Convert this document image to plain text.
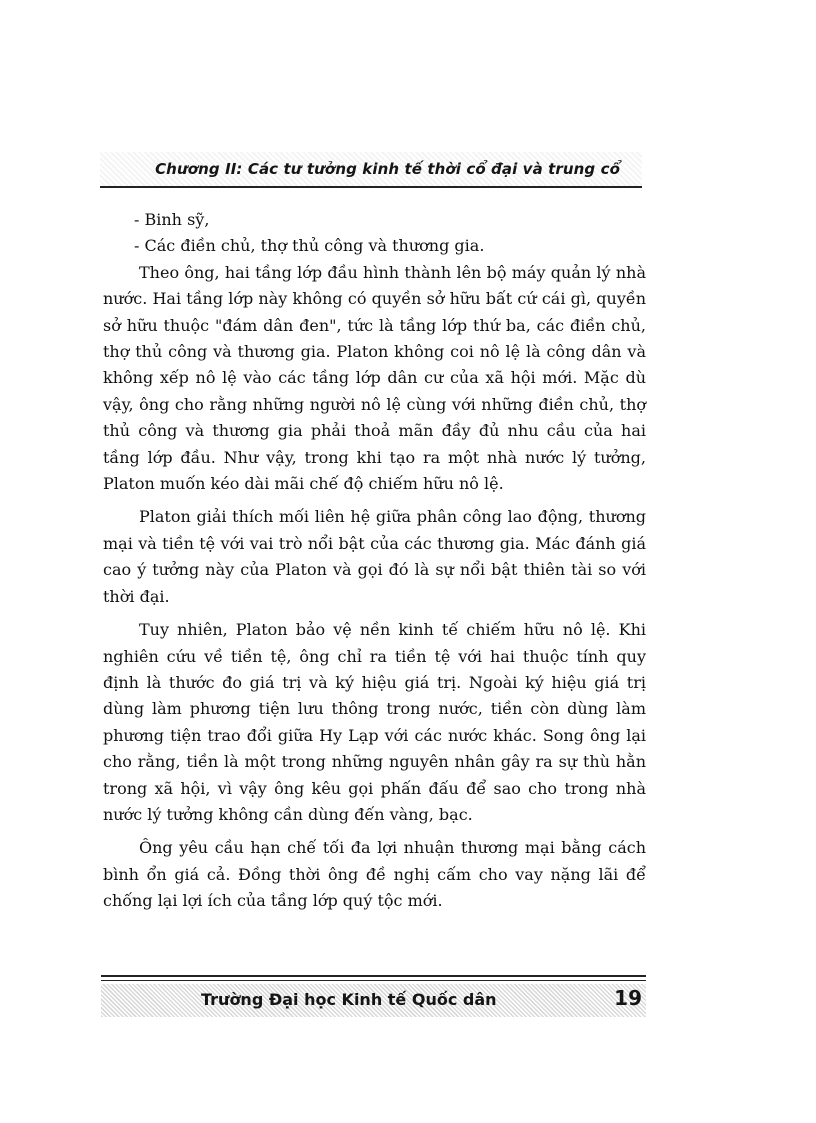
Chương II: Các tư tưởng kinh tế thời cổ đại và trung cổ

- Binh sỹ,

- Các điền chủ, thợ thủ công và thương gia.

Theo ông, hai tầng lớp đầu hình thành lên bộ máy quản lý nhà nước. Hai tầng lớp này không có quyền sở hữu bất cứ cái gì, quyền sở hữu thuộc "đám dân đen", tức là tầng lớp thứ ba, các điền chủ, thợ thủ công và thương gia. Platon không coi nô lệ là công dân và không xếp nô lệ vào các tầng lớp dân cư của xã hội mới. Mặc dù vậy, ông cho rằng những người nô lệ cùng với những điền chủ, thợ thủ công và thương gia phải thoả mãn đầy đủ nhu cầu của hai tầng lớp đầu. Như vậy, trong khi tạo ra một nhà nước lý tưởng, Platon muốn kéo dài mãi chế độ chiếm hữu nô lệ.

Platon giải thích mối liên hệ giữa phân công lao động, thương mại và tiền tệ với vai trò nổi bật của các thương gia. Mác đánh giá cao ý tưởng này của Platon và gọi đó là sự nổi bật thiên tài so với thời đại.

Tuy nhiên, Platon bảo vệ nền kinh tế chiếm hữu nô lệ. Khi nghiên cứu về tiền tệ, ông chỉ ra tiền tệ với hai thuộc tính quy định là thước đo giá trị và ký hiệu giá trị. Ngoài ký hiệu giá trị dùng làm phương tiện lưu thông trong nước, tiền còn dùng làm phương tiện trao đổi giữa Hy Lạp với các nước khác. Song ông lại cho rằng, tiền là một trong những nguyên nhân gây ra sự thù hằn trong xã hội, vì vậy ông kêu gọi phấn đấu để sao cho trong nhà nước lý tưởng không cần dùng đến vàng, bạc.

Ông yêu cầu hạn chế tối đa lợi nhuận thương mại bằng cách bình ổn giá cả. Đồng thời ông đề nghị cấm cho vay nặng lãi để chống lại lợi ích của tầng lớp quý tộc mới.

Trường Đại học Kinh tế Quốc dân	19
